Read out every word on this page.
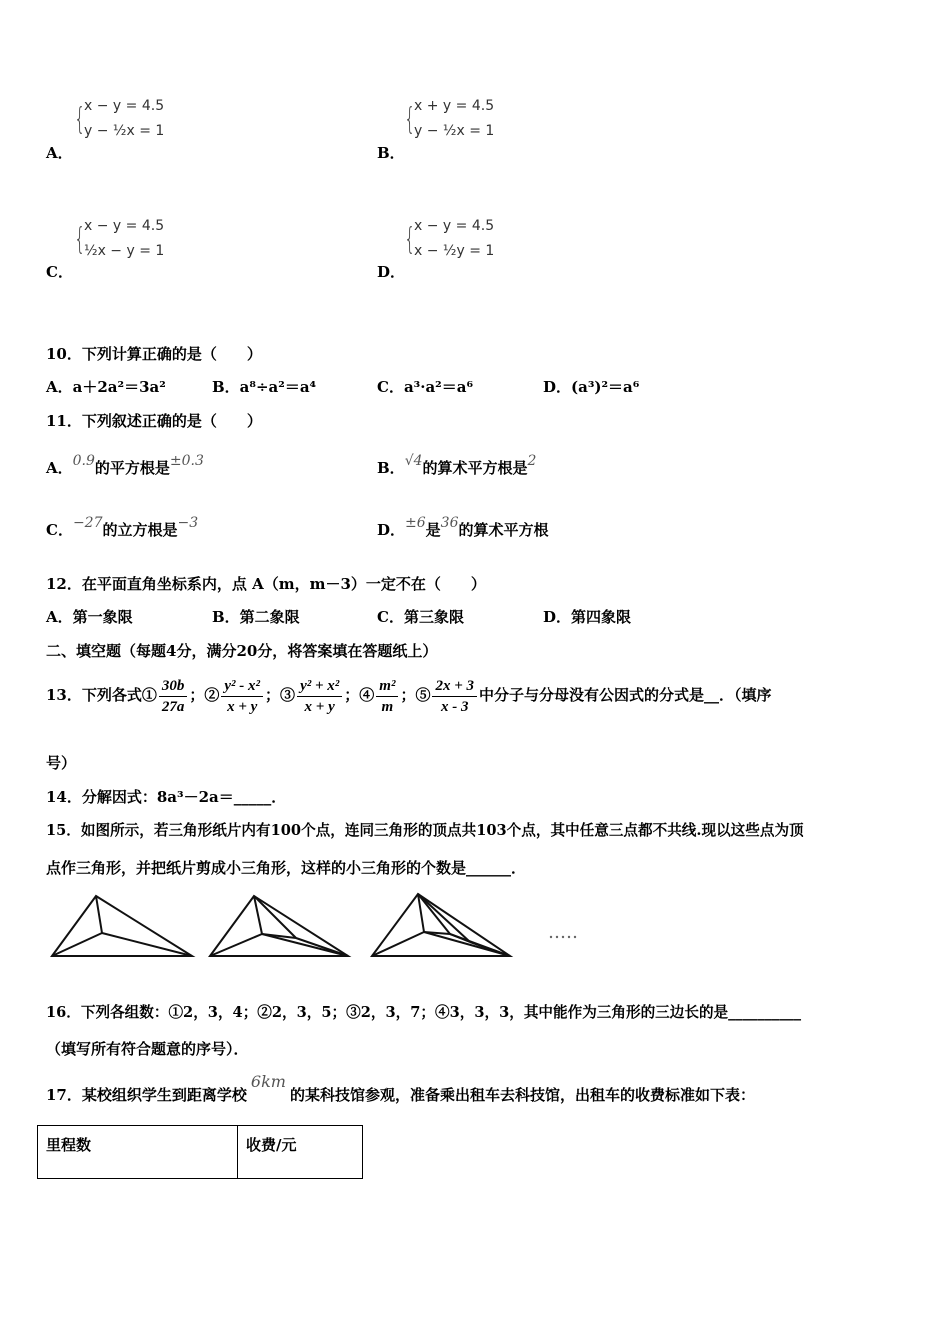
A．
{
x − y = 4.5
y − ½x = 1
B．
{
x + y = 4.5
y − ½x = 1
C．
{
x − y = 4.5
½x − y = 1
D．
{
x − y = 4.5
x − ½y = 1
10．下列计算正确的是（　　）
A．a＋2a²＝3a²	B．a⁸÷a²＝a⁴	C．a³·a²＝a⁶	D．(a³)²＝a⁶
11．下列叙述正确的是（　　）
A．0.9的平方根是±0.3	B．√4的算术平方根是2
C．−27的立方根是−3	D．±6是36的算术平方根
12．在平面直角坐标系内，点 A（m，m－3）一定不在（　　）
A．第一象限	B．第二象限	C．第三象限	D．第四象限
二、填空题（每题4分，满分20分，将答案填在答题纸上）
13．下列各式① $\frac{30b}{27a}$ ；② $\frac{\text{y² - x²}}{x + y}$ ；③ $\frac{\text{y² + x²}}{x + y}$ ；④ $\frac{\text{m²}}{m}$ ；⑤ $\frac{2x + 3}{x - 3}$ 中分子与分母没有公因式的分式是__．（填序
号）
14．分解因式：8a³－2a＝_____．
15．如图所示，若三角形纸片内有100个点，连同三角形的顶点共103个点，其中任意三点都不共线.现以这些点为顶
点作三角形，并把纸片剪成小三角形，这样的小三角形的个数是______．
16．下列各组数：①2，3，4；②2，3，5；③2，3，7；④3，3，3，其中能作为三角形的三边长的是__________
（填写所有符合题意的序号）．
17．某校组织学生到距离学校6km的某科技馆参观，准备乘出租车去科技馆，出租车的收费标准如下表：
里程数	收费/元
